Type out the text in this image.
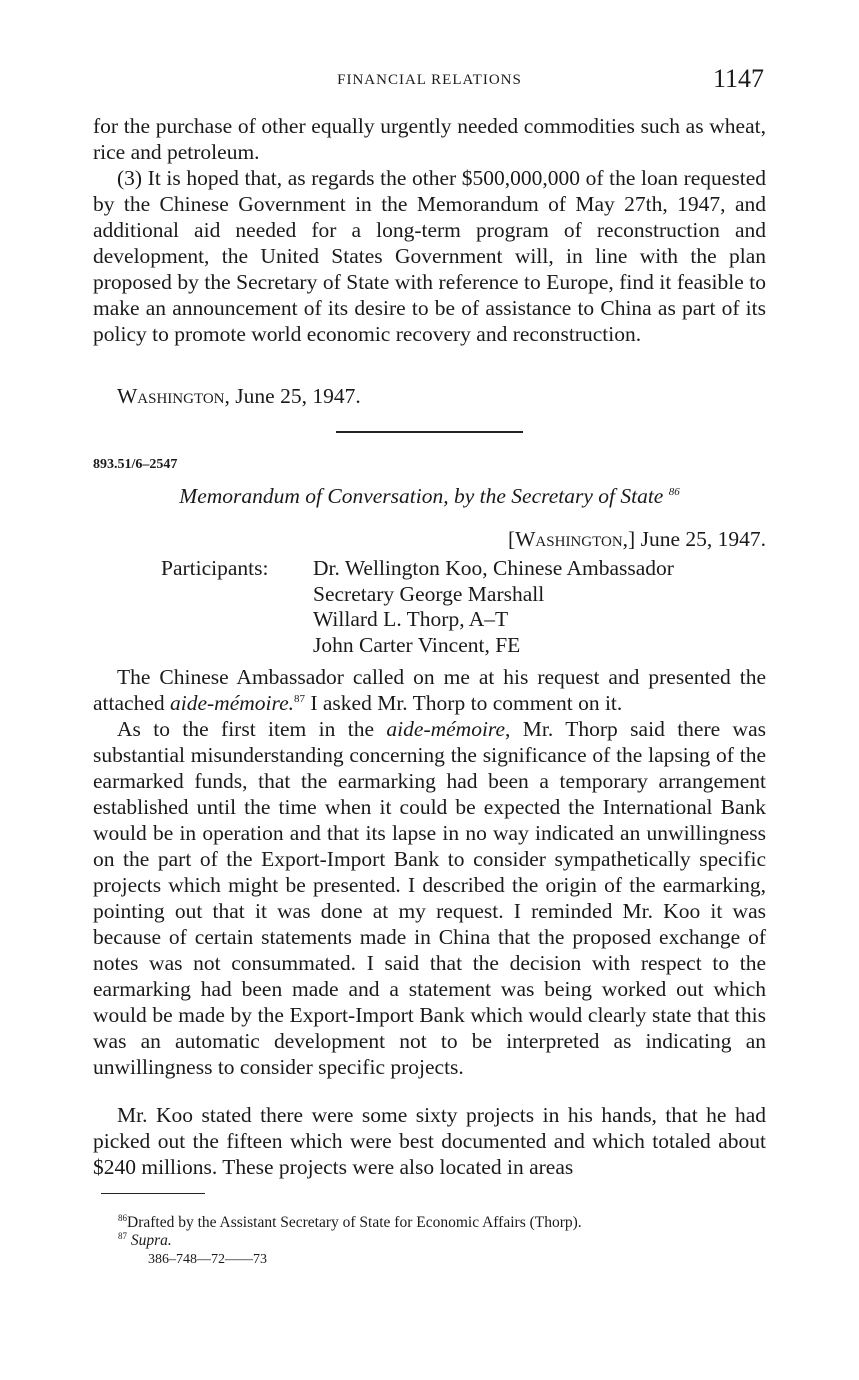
FINANCIAL RELATIONS	1147

for the purchase of other equally urgently needed commodities such as wheat, rice and petroleum.

(3) It is hoped that, as regards the other $500,000,000 of the loan requested by the Chinese Government in the Memorandum of May 27th, 1947, and additional aid needed for a long-term program of reconstruction and development, the United States Government will, in line with the plan proposed by the Secretary of State with reference to Europe, find it feasible to make an announcement of its desire to be of assistance to China as part of its policy to promote world economic recovery and reconstruction.

Washington, June 25, 1947.

893.51/6–2547
Memorandum of Conversation, by the Secretary of State $^{86}$
[Washington,] June 25, 1947.
Participants: Dr. Wellington Koo, Chinese Ambassador
Secretary George Marshall
Willard L. Thorp, A–T
John Carter Vincent, FE

The Chinese Ambassador called on me at his request and presented the attached aide-mémoire.$^{87}$ I asked Mr. Thorp to comment on it.

As to the first item in the aide-mémoire, Mr. Thorp said there was substantial misunderstanding concerning the significance of the lapsing of the earmarked funds, that the earmarking had been a temporary arrangement established until the time when it could be expected the International Bank would be in operation and that its lapse in no way indicated an unwillingness on the part of the Export-Import Bank to consider sympathetically specific projects which might be presented. I described the origin of the earmarking, pointing out that it was done at my request. I reminded Mr. Koo it was because of certain statements made in China that the proposed exchange of notes was not consummated. I said that the decision with respect to the earmarking had been made and a statement was being worked out which would be made by the Export-Import Bank which would clearly state that this was an automatic development not to be interpreted as indicating an unwillingness to consider specific projects.

Mr. Koo stated there were some sixty projects in his hands, that he had picked out the fifteen which were best documented and which totaled about $240 millions. These projects were also located in areas

$^{86}$Drafted by the Assistant Secretary of State for Economic Affairs (Thorp).
$^{87}$ Supra.
386–748—72——73
